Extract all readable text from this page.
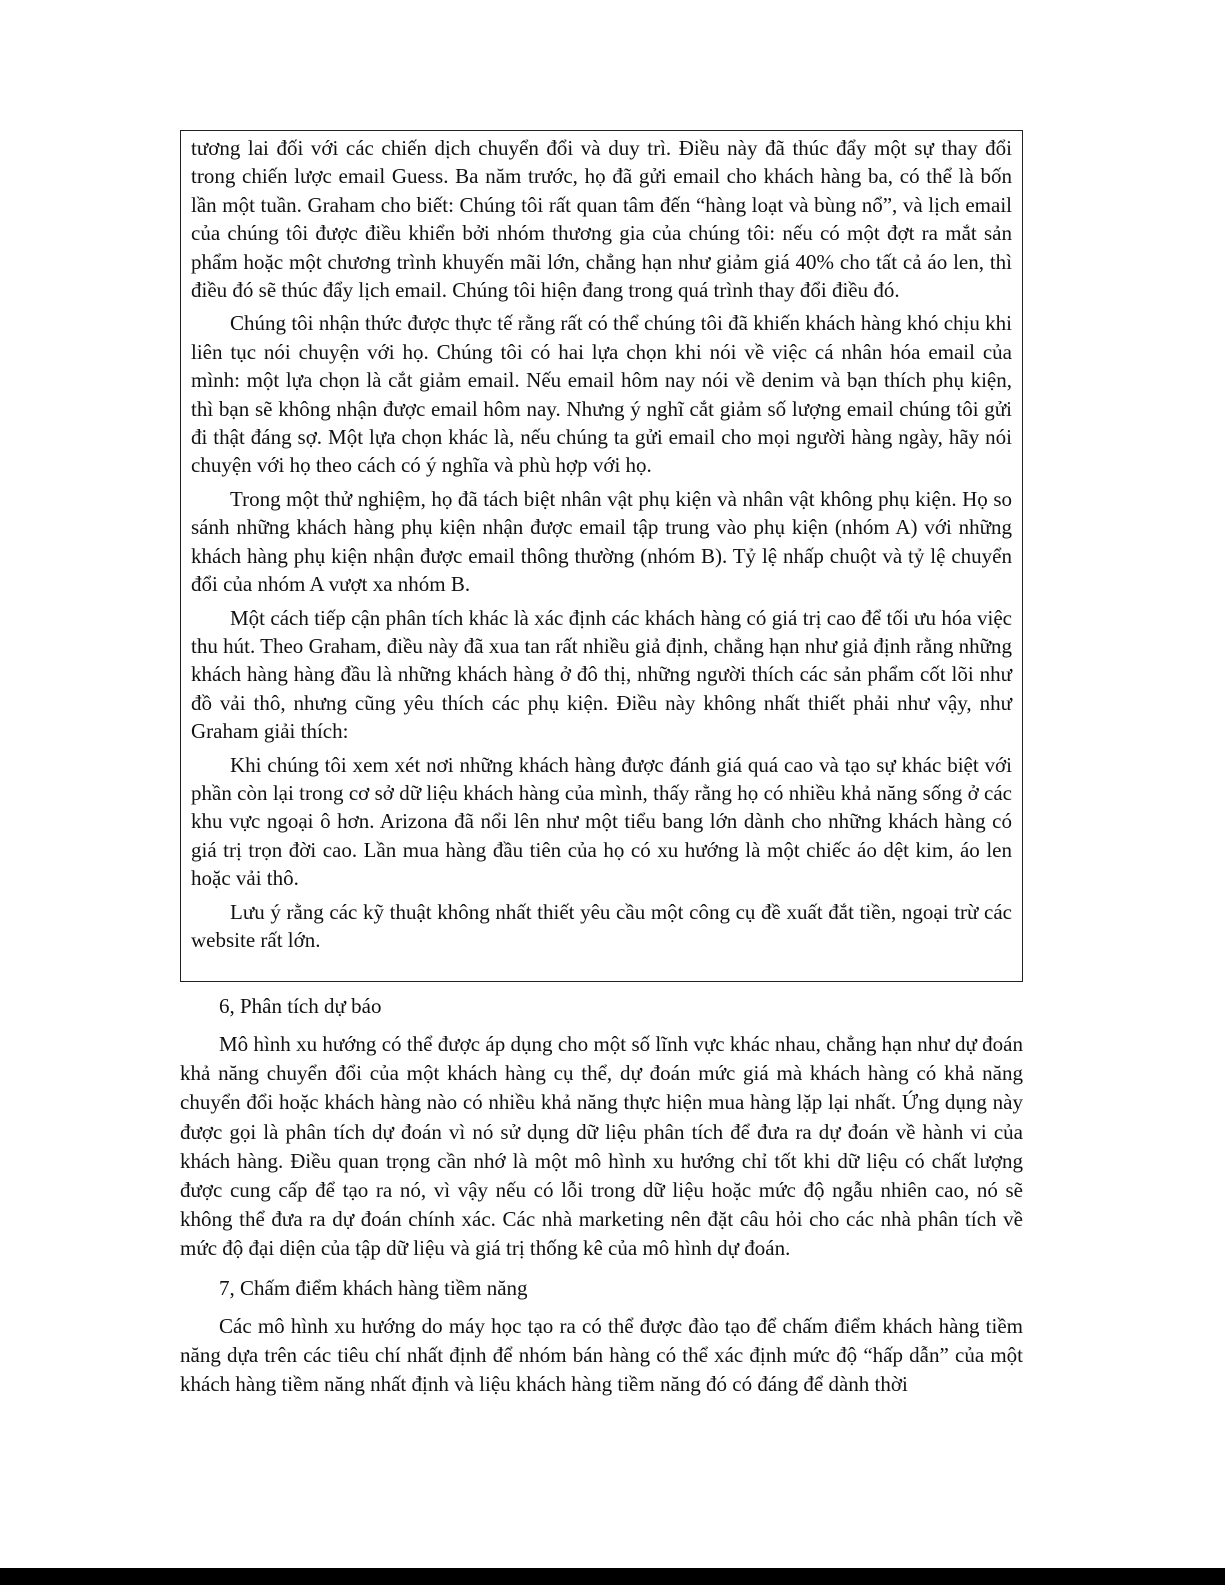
tương lai đối với các chiến dịch chuyển đổi và duy trì. Điều này đã thúc đẩy một sự thay đổi trong chiến lược email Guess. Ba năm trước, họ đã gửi email cho khách hàng ba, có thể là bốn lần một tuần. Graham cho biết: Chúng tôi rất quan tâm đến “hàng loạt và bùng nổ”, và lịch email của chúng tôi được điều khiển bởi nhóm thương gia của chúng tôi: nếu có một đợt ra mắt sản phẩm hoặc một chương trình khuyến mãi lớn, chẳng hạn như giảm giá 40% cho tất cả áo len, thì điều đó sẽ thúc đẩy lịch email. Chúng tôi hiện đang trong quá trình thay đổi điều đó.

Chúng tôi nhận thức được thực tế rằng rất có thể chúng tôi đã khiến khách hàng khó chịu khi liên tục nói chuyện với họ. Chúng tôi có hai lựa chọn khi nói về việc cá nhân hóa email của mình: một lựa chọn là cắt giảm email. Nếu email hôm nay nói về denim và bạn thích phụ kiện, thì bạn sẽ không nhận được email hôm nay. Nhưng ý nghĩ cắt giảm số lượng email chúng tôi gửi đi thật đáng sợ. Một lựa chọn khác là, nếu chúng ta gửi email cho mọi người hàng ngày, hãy nói chuyện với họ theo cách có ý nghĩa và phù hợp với họ.

Trong một thử nghiệm, họ đã tách biệt nhân vật phụ kiện và nhân vật không phụ kiện. Họ so sánh những khách hàng phụ kiện nhận được email tập trung vào phụ kiện (nhóm A) với những khách hàng phụ kiện nhận được email thông thường (nhóm B). Tỷ lệ nhấp chuột và tỷ lệ chuyển đổi của nhóm A vượt xa nhóm B.

Một cách tiếp cận phân tích khác là xác định các khách hàng có giá trị cao để tối ưu hóa việc thu hút. Theo Graham, điều này đã xua tan rất nhiều giả định, chẳng hạn như giả định rằng những khách hàng hàng đầu là những khách hàng ở đô thị, những người thích các sản phẩm cốt lõi như đồ vải thô, nhưng cũng yêu thích các phụ kiện. Điều này không nhất thiết phải như vậy, như Graham giải thích:

Khi chúng tôi xem xét nơi những khách hàng được đánh giá quá cao và tạo sự khác biệt với phần còn lại trong cơ sở dữ liệu khách hàng của mình, thấy rằng họ có nhiều khả năng sống ở các khu vực ngoại ô hơn. Arizona đã nổi lên như một tiểu bang lớn dành cho những khách hàng có giá trị trọn đời cao. Lần mua hàng đầu tiên của họ có xu hướng là một chiếc áo dệt kim, áo len hoặc vải thô.

Lưu ý rằng các kỹ thuật không nhất thiết yêu cầu một công cụ đề xuất đắt tiền, ngoại trừ các website rất lớn.

6, Phân tích dự báo

Mô hình xu hướng có thể được áp dụng cho một số lĩnh vực khác nhau, chẳng hạn như dự đoán khả năng chuyển đổi của một khách hàng cụ thể, dự đoán mức giá mà khách hàng có khả năng chuyển đổi hoặc khách hàng nào có nhiều khả năng thực hiện mua hàng lặp lại nhất. Ứng dụng này được gọi là phân tích dự đoán vì nó sử dụng dữ liệu phân tích để đưa ra dự đoán về hành vi của khách hàng. Điều quan trọng cần nhớ là một mô hình xu hướng chỉ tốt khi dữ liệu có chất lượng được cung cấp để tạo ra nó, vì vậy nếu có lỗi trong dữ liệu hoặc mức độ ngẫu nhiên cao, nó sẽ không thể đưa ra dự đoán chính xác. Các nhà marketing nên đặt câu hỏi cho các nhà phân tích về mức độ đại diện của tập dữ liệu và giá trị thống kê của mô hình dự đoán.

7, Chấm điểm khách hàng tiềm năng

Các mô hình xu hướng do máy học tạo ra có thể được đào tạo để chấm điểm khách hàng tiềm năng dựa trên các tiêu chí nhất định để nhóm bán hàng có thể xác định mức độ “hấp dẫn” của một khách hàng tiềm năng nhất định và liệu khách hàng tiềm năng đó có đáng để dành thời
